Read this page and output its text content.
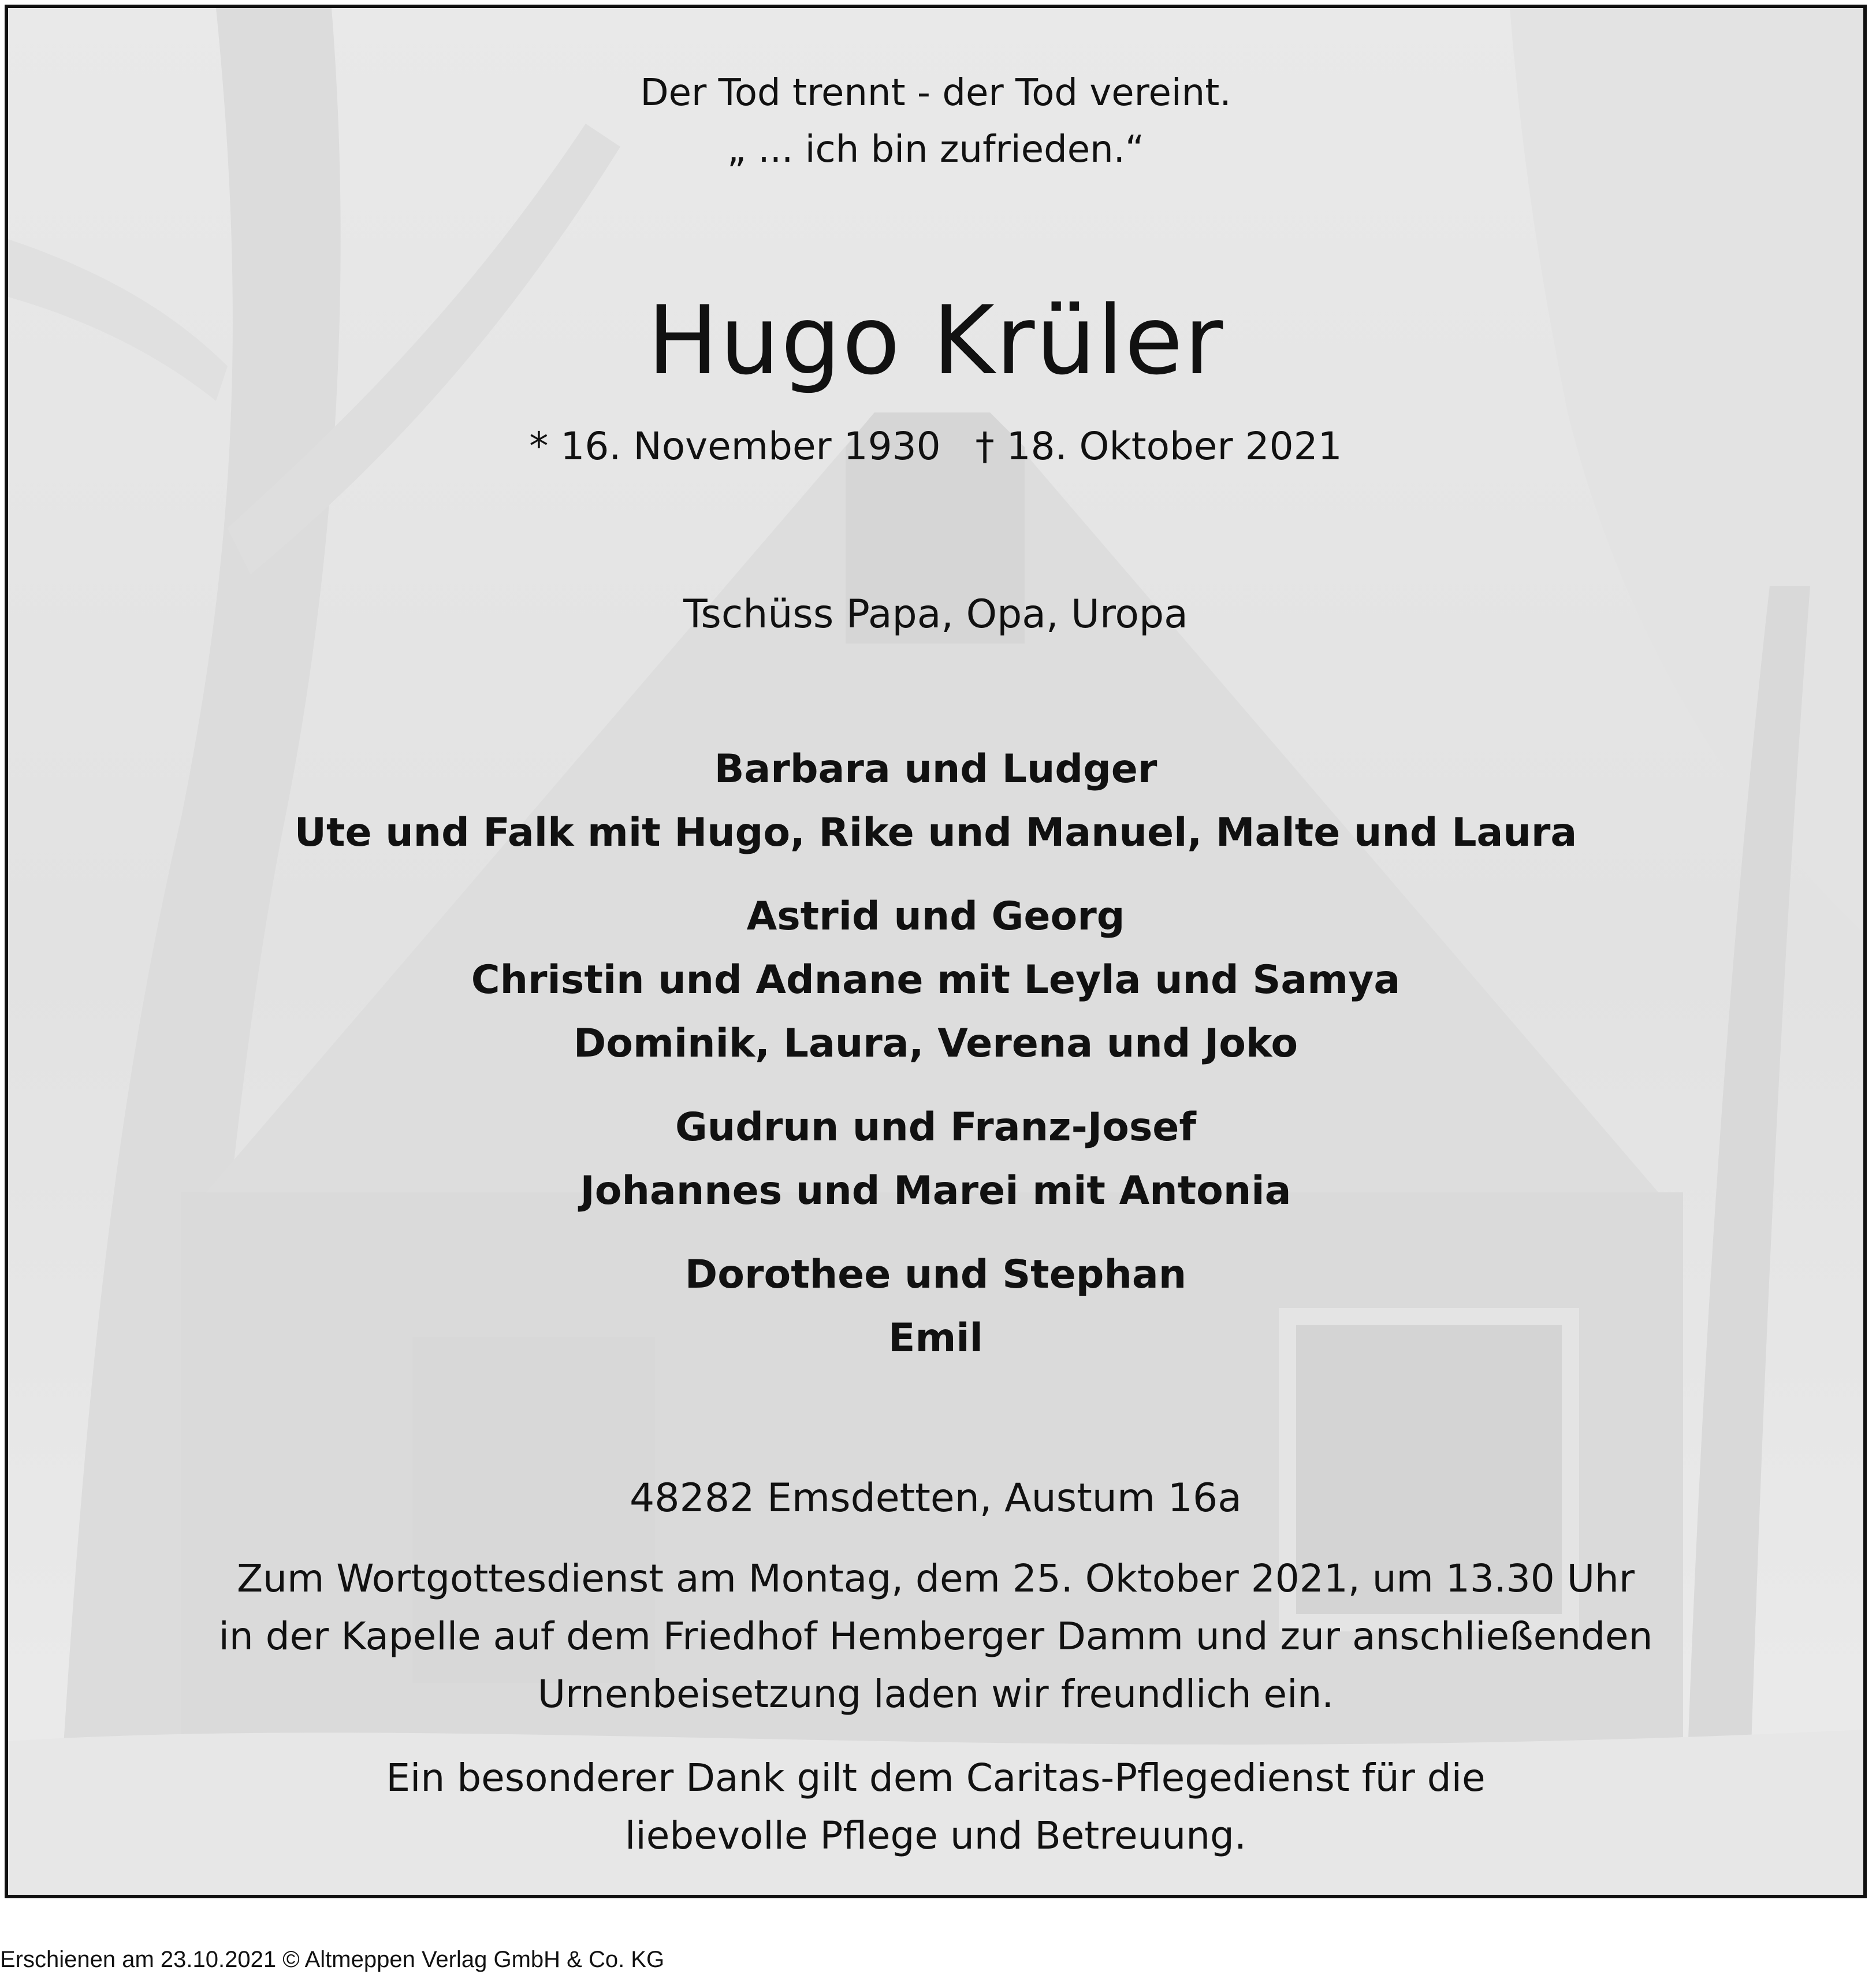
Der Tod trennt - der Tod vereint.
„ ... ich bin zufrieden.“
Hugo Krüler
* 16. November 1930 † 18. Oktober 2021
Tschüss Papa, Opa, Uropa
Barbara und Ludger
Ute und Falk mit Hugo, Rike und Manuel, Malte und Laura
Astrid und Georg
Christin und Adnane mit Leyla und Samya
Dominik, Laura, Verena und Joko
Gudrun und Franz-Josef
Johannes und Marei mit Antonia
Dorothee und Stephan
Emil
48282 Emsdetten, Austum 16a
Zum Wortgottesdienst am Montag, dem 25. Oktober 2021, um 13.30 Uhr
in der Kapelle auf dem Friedhof Hemberger Damm und zur anschließenden
Urnenbeisetzung laden wir freundlich ein.
Ein besonderer Dank gilt dem Caritas-Pflegedienst für die
liebevolle Pflege und Betreuung.
Erschienen am 23.10.2021 © Altmeppen Verlag GmbH & Co. KG
